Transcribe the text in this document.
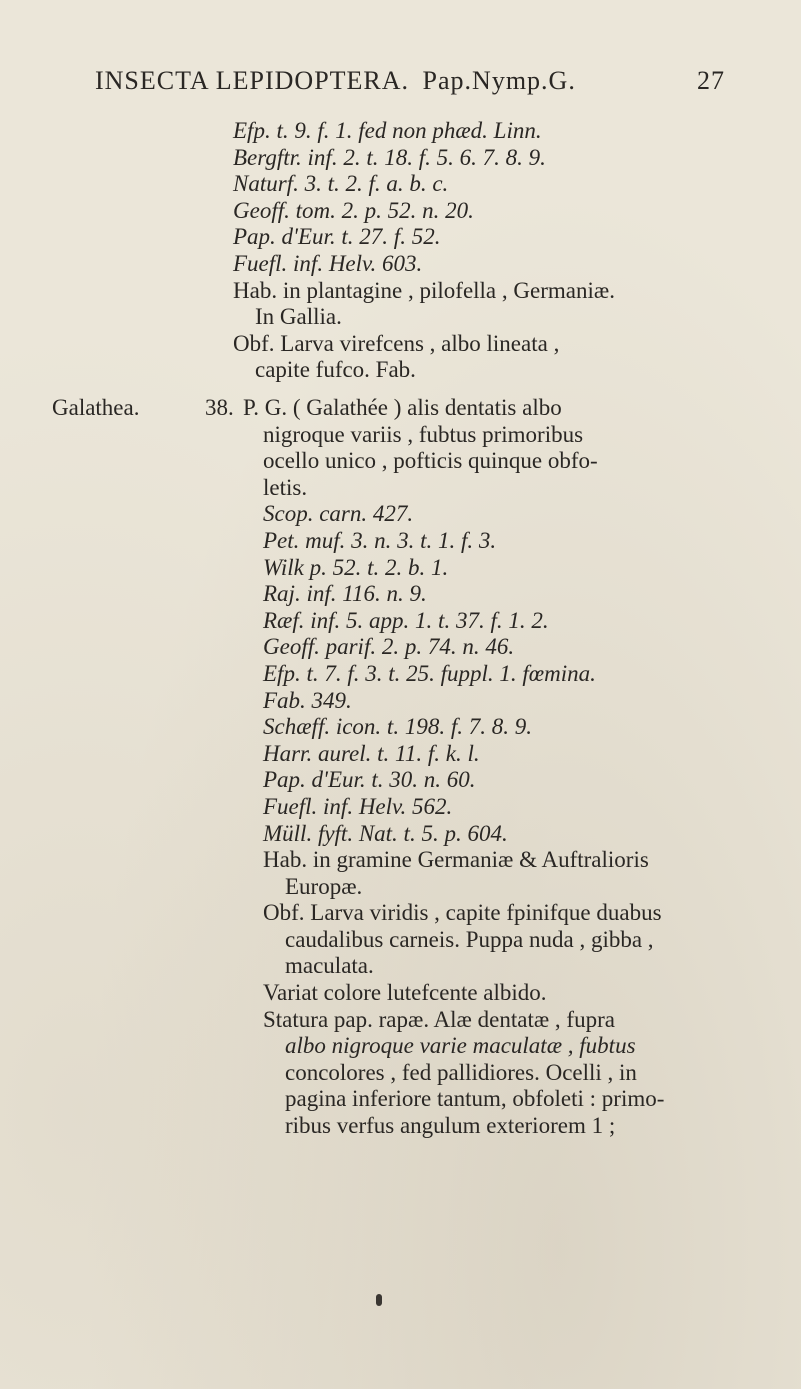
INSECTA LEPIDOPTERA. Pap.Nymp.G.	27
Efp. t. 9. f. 1. fed non phæd. Linn.
Bergftr. inf. 2. t. 18. f. 5. 6. 7. 8. 9.
Naturf. 3. t. 2. f. a. b. c.
Geoff. tom. 2. p. 52. n. 20.
Pap. d'Eur. t. 27. f. 52.
Fuefl. inf. Helv. 603.
Hab. in plantagine , pilofella , Germaniæ.
In Gallia.
Obf. Larva virefcens , albo lineata ,
capite fufco. Fab.
Galathea.	38. P. G. ( Galathée ) alis dentatis albo
nigroque variis , fubtus primoribus
ocello unico , pofticis quinque obfo-
letis.
Scop. carn. 427.
Pet. muf. 3. n. 3. t. 1. f. 3.
Wilk p. 52. t. 2. b. 1.
Raj. inf. 116. n. 9.
Ræf. inf. 5. app. 1. t. 37. f. 1. 2.
Geoff. parif. 2. p. 74. n. 46.
Efp. t. 7. f. 3. t. 25. fuppl. 1. fœmina.
Fab. 349.
Schæff. icon. t. 198. f. 7. 8. 9.
Harr. aurel. t. 11. f. k. l.
Pap. d'Eur. t. 30. n. 60.
Fuefl. inf. Helv. 562.
Müll. fyft. Nat. t. 5. p. 604.
Hab. in gramine Germaniæ & Auftralioris
Europæ.
Obf. Larva viridis , capite fpinifque duabus
caudalibus carneis. Puppa nuda , gibba ,
maculata.
Variat colore lutefcente albido.
Statura pap. rapæ. Alæ dentatæ , fupra
albo nigroque varie maculatæ , fubtus
concolores , fed pallidiores. Ocelli , in
pagina inferiore tantum, obfoleti : primo-
ribus verfus angulum exteriorem 1 ;
